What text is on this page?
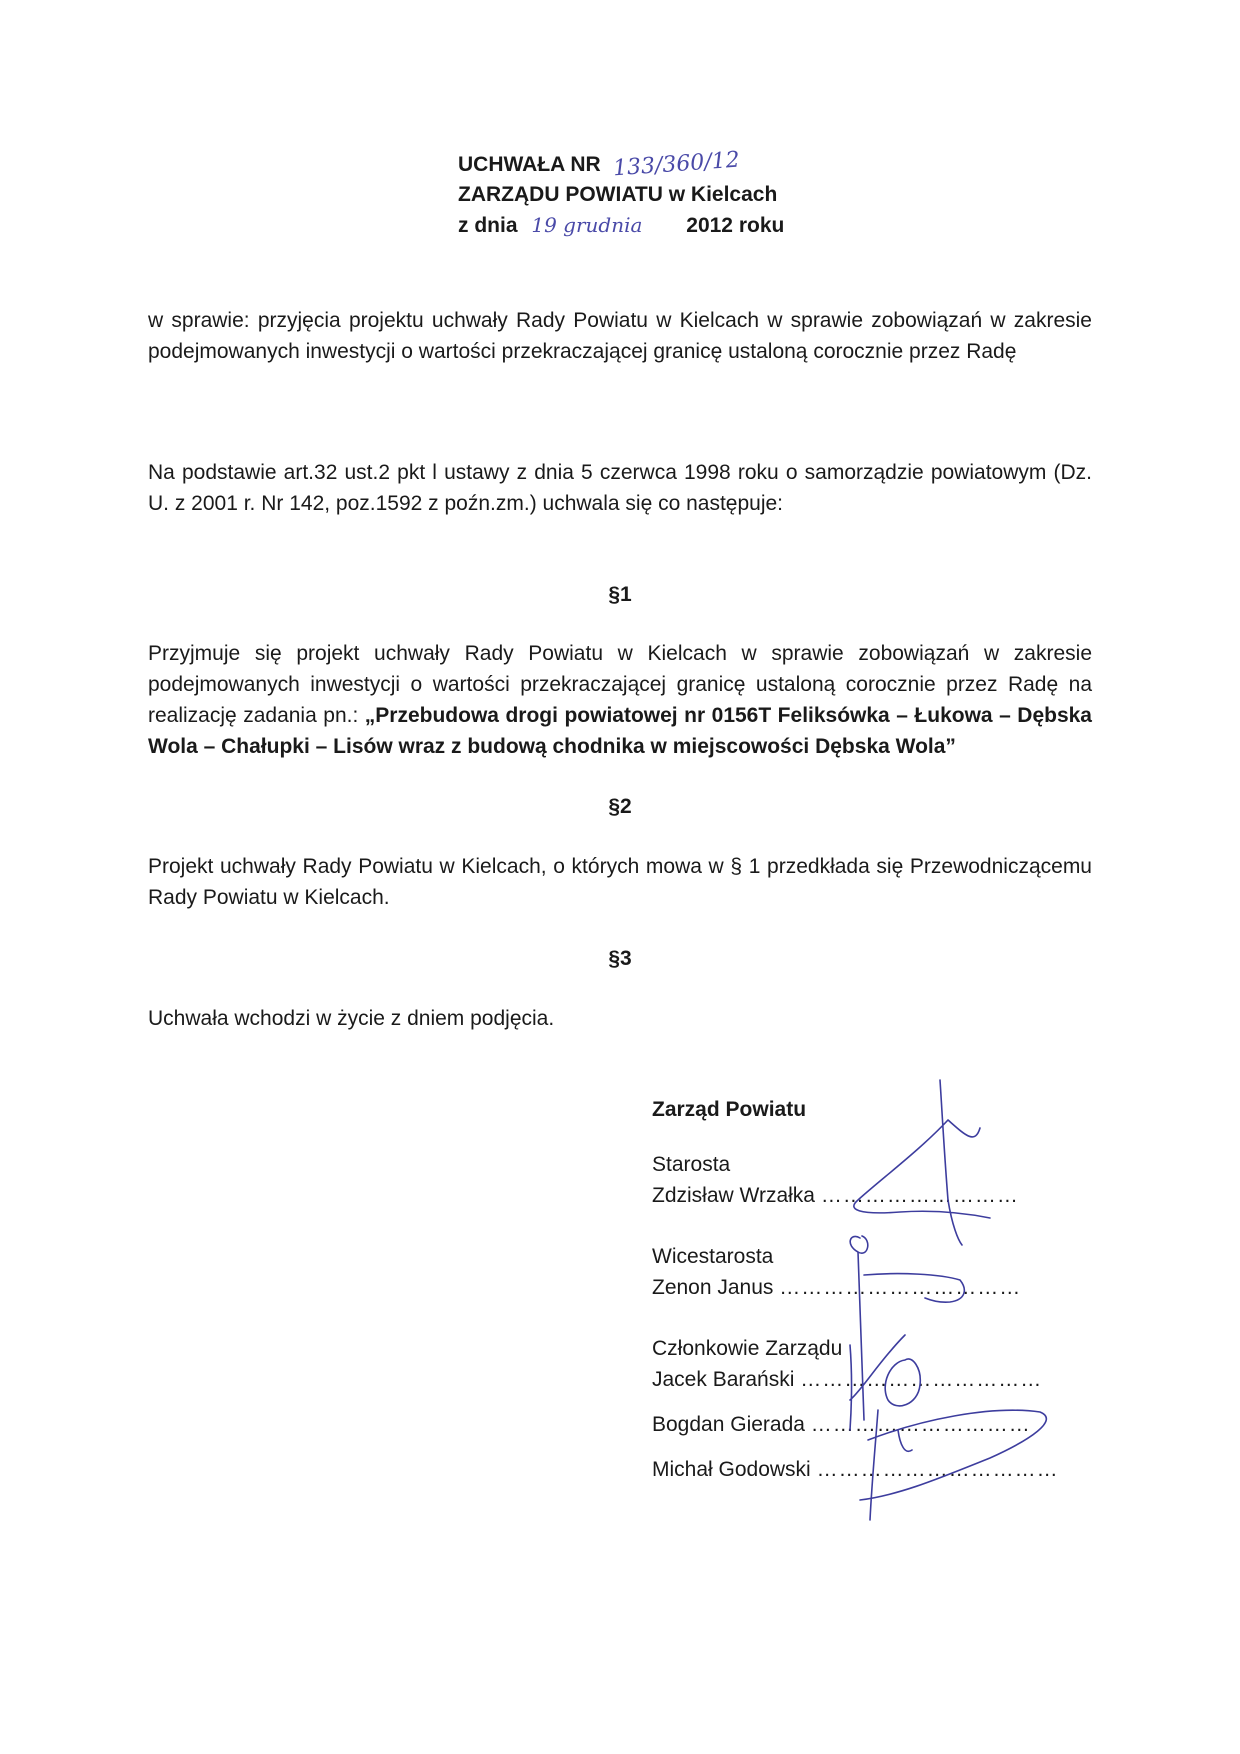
UCHWAŁA NR 133/360/12
ZARZĄDU POWIATU w Kielcach
z dnia 19 grudnia 2012 roku
w sprawie: przyjęcia projektu uchwały Rady Powiatu w Kielcach w sprawie zobowiązań w zakresie podejmowanych inwestycji o wartości przekraczającej granicę ustaloną corocznie przez Radę
Na podstawie art.32 ust.2 pkt l ustawy z dnia 5 czerwca 1998 roku o samorządzie powiatowym (Dz. U. z 2001 r. Nr 142, poz.1592 z poźn.zm.) uchwala się co następuje:
§1
Przyjmuje się projekt uchwały Rady Powiatu w Kielcach w sprawie zobowiązań w zakresie podejmowanych inwestycji o wartości przekraczającej granicę ustaloną corocznie przez Radę na realizację zadania pn.: „Przebudowa drogi powiatowej nr 0156T Feliksówka – Łukowa – Dębska Wola – Chałupki – Lisów wraz z budową chodnika w miejscowości Dębska Wola”
§2
Projekt uchwały Rady Powiatu w Kielcach, o których mowa w § 1 przedkłada się Przewodniczącemu Rady Powiatu w Kielcach.
§3
Uchwała wchodzi w życie z dniem podjęcia.
Zarząd Powiatu
Starosta
Zdzisław Wrzałka ………………………
Wicestarosta
Zenon Janus ……………………………
Członkowie Zarządu
Jacek Barański ……………………………
Bogdan Gierada …………………………
Michał Godowski ……………………………
